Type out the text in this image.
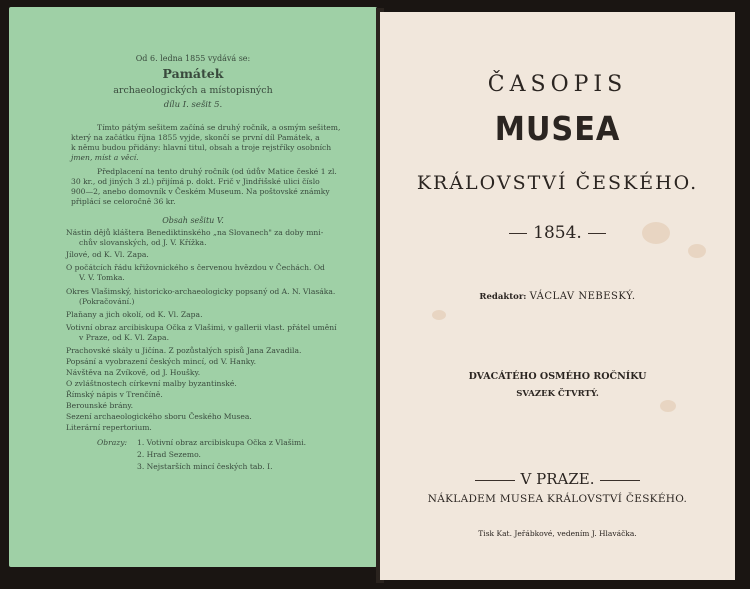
Od 6. ledna 1855 vydává se:
Památek
archaeologických a místopisných
dílu I. sešit 5.
Tímto pátým sešitem začíná se druhý ročník, a osmým sešitem,
který na začátku října 1855 vyjde, skončí se první díl Památek, a
k němu budou přidány: hlavní titul, obsah a troje rejstříky osobních
jmen, míst a věcí.
Předplacení na tento druhý ročník (od údův Matice české 1 zl.
30 kr., od jiných 3 zl.) přijímá p. dokt. Frič v Jindřišské ulici číslo
900—2, anebo domovník v Českém Museum. Na poštovské známky
připlácí se celoročně 36 kr.
Obsah sešitu V.
Nástin dějů kláštera Benediktinského „na Slovanech" za doby mni-
chův slovanských, od J. V. Křížka.
Jílové, od K. Vl. Zapa.
O počátcích řádu křižovnického s červenou hvězdou v Čechách. Od
V. V. Tomka.
Okres Vlašimský, historicko-archaeologicky popsaný od A. N. Vlasáka.
(Pokračování.)
Plaňany a jich okolí, od K. Vl. Zapa.
Votivní obraz arcibiskupa Očka z Vlašimi, v gallerii vlast. přátel umění
v Praze, od K. Vl. Zapa.
Prachovské skály u Jičína. Z pozůstalých spisů Jana Zavadila.
Popsání a vyobrazení českých mincí, od V. Hanky.
Návštěva na Zvíkově, od J. Houšky.
O zvláštnostech církevní malby byzantinské.
Římský nápis v Trenčíně.
Berounské brány.
Sezení archaeologického sboru Českého Musea.
Literární repertorium.
Obrazy: 1. Votivní obraz arcibiskupa Očka z Vlašimi.
2. Hrad Sezemo.
3. Nejstarších mincí českých tab. I.
ČASOPIS
MUSEA
KRÁLOVSTVÍ ČESKÉHO.
1854.
Redaktor: VÁCLAV NEBESKÝ.
DVACÁTÉHO OSMÉHO ROČNÍKU
SVAZEK ČTVRTÝ.
V PRAZE.
NÁKLADEM MUSEA KRÁLOVSTVÍ ČESKÉHO.
Tisk Kat. Jeřábkové, vedením J. Hlaváčka.
